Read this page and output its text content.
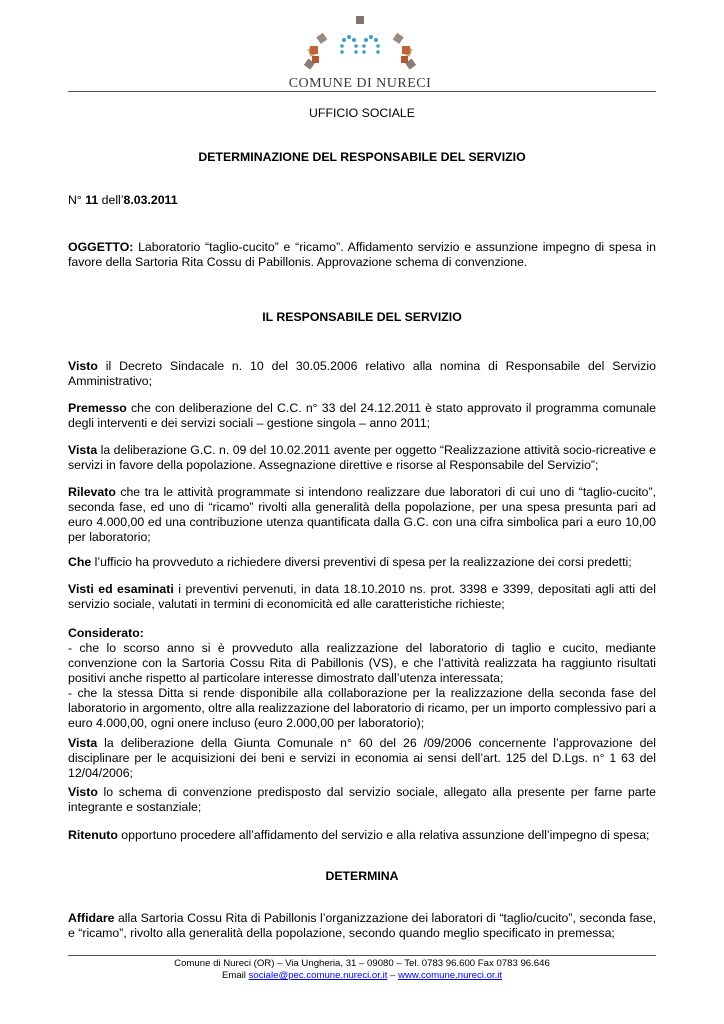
COMUNE DI NURECI
UFFICIO SOCIALE
DETERMINAZIONE DEL RESPONSABILE DEL SERVIZIO
N° 11 dell’8.03.2011
OGGETTO: Laboratorio “taglio-cucito” e “ricamo”. Affidamento servizio e assunzione impegno di spesa in favore della Sartoria Rita Cossu di Pabillonis. Approvazione schema di convenzione.
IL RESPONSABILE DEL SERVIZIO
Visto il Decreto Sindacale n. 10 del 30.05.2006 relativo alla nomina di Responsabile del Servizio Amministrativo;
Premesso che con deliberazione del C.C. n° 33 del 24.12.2011 è stato approvato il programma comunale degli interventi e dei servizi sociali – gestione singola – anno 2011;
Vista la deliberazione G.C. n. 09 del 10.02.2011 avente per oggetto “Realizzazione attività socio-ricreative e servizi in favore della popolazione. Assegnazione direttive e risorse al Responsabile del Servizio”;
Rilevato che tra le attività programmate si intendono realizzare due laboratori di cui uno di “taglio-cucito”, seconda fase, ed uno di “ricamo” rivolti alla generalità della popolazione, per una spesa presunta pari ad euro 4.000,00 ed una contribuzione utenza quantificata dalla G.C. con una cifra simbolica pari a euro 10,00 per laboratorio;
Che l’ufficio ha provveduto a richiedere diversi preventivi di spesa per la realizzazione dei corsi predetti;
Visti ed esaminati i preventivi pervenuti, in data 18.10.2010 ns. prot. 3398 e 3399, depositati agli atti del servizio sociale, valutati in termini di economicità ed alle caratteristiche richieste;
Considerato:
- che lo scorso anno si è provveduto alla realizzazione del laboratorio di taglio e cucito, mediante convenzione con la Sartoria Cossu Rita di Pabillonis (VS), e che l’attività realizzata ha raggiunto risultati positivi anche rispetto al particolare interesse dimostrato dall’utenza interessata;
- che la stessa Ditta si rende disponibile alla collaborazione per la realizzazione della seconda fase del laboratorio in argomento, oltre alla realizzazione del laboratorio di ricamo, per un importo complessivo pari a euro 4.000,00, ogni onere incluso (euro 2.000,00 per laboratorio);
Vista la deliberazione della Giunta Comunale n° 60 del 26 /09/2006 concernente l’approvazione del disciplinare per le acquisizioni dei beni e servizi in economia ai sensi dell’art. 125 del D.Lgs. n° 1 63 del 12/04/2006;
Visto lo schema di convenzione predisposto dal servizio sociale, allegato alla presente per farne parte integrante e sostanziale;
Ritenuto opportuno procedere all’affidamento del servizio e alla relativa assunzione dell’impegno di spesa;
DETERMINA
Affidare alla Sartoria Cossu Rita di Pabillonis l’organizzazione dei laboratori di “taglio/cucito”, seconda fase, e “ricamo”, rivolto alla generalità della popolazione, secondo quando meglio specificato in premessa;
Comune di Nureci (OR) – Via Ungheria, 31 – 09080 – Tel. 0783 96.600 Fax 0783 96.646
Email sociale@pec.comune.nureci.or.it – www.comune.nureci.or.it
